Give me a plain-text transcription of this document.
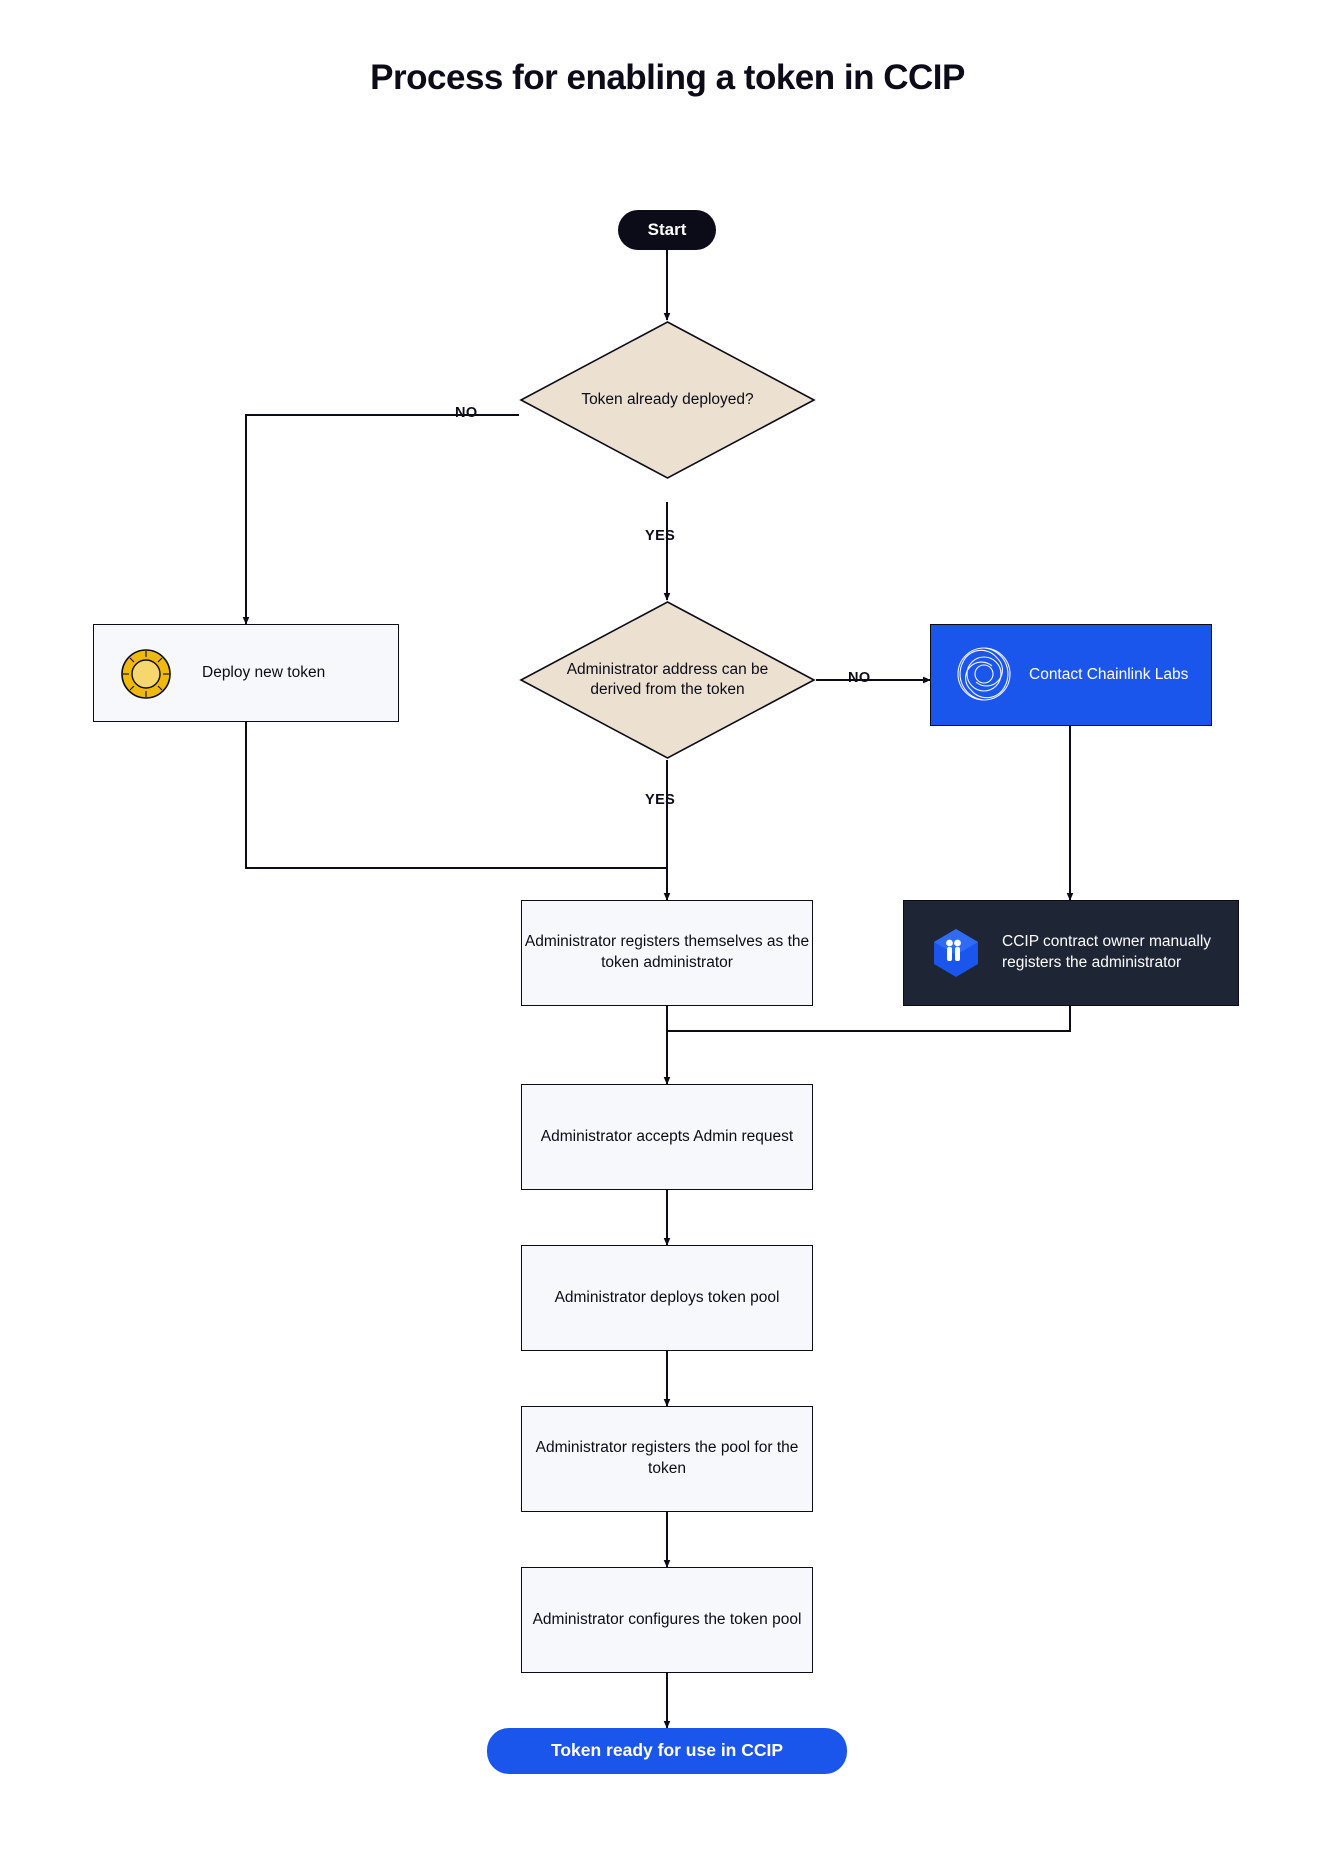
Process for enabling a token in CCIP
Start
Token already deployed?
NO
YES
Deploy new token	Administrator address can be derived from the token
NO
YES
Contact Chainlink Labs
Administrator registers themselves as the token administrator
CCIP contract owner manually registers the administrator
Administrator accepts Admin request
Administrator deploys token pool
Administrator registers the pool for the token
Administrator configures the token pool
Token ready for use in CCIP
